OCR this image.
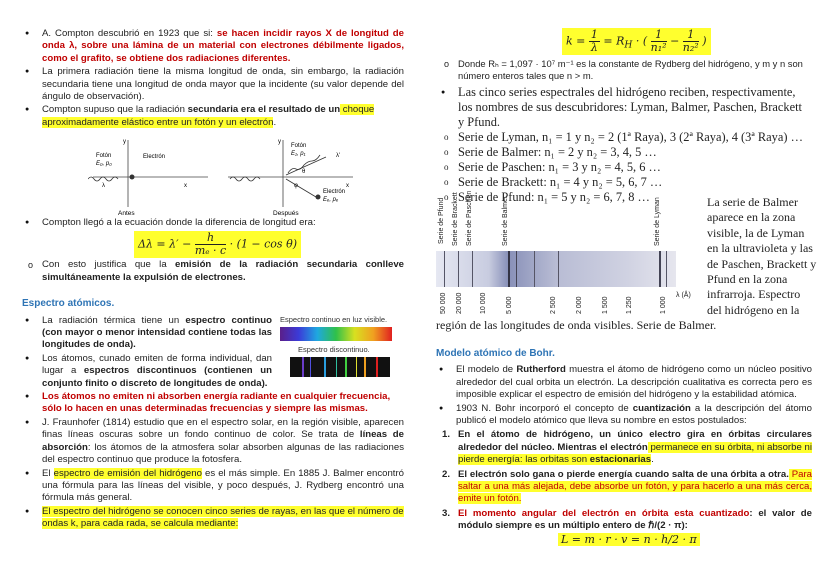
● A. Compton descubrió en 1923 que si: se hacen incidir rayos X de longitud de onda λ, sobre una lámina de un material con electrones débilmente ligados, como el grafito, se obtiene dos radiaciones diferentes.
● La primera radiación tiene la misma longitud de onda, sin embargo, la radiación secundaria tiene una longitud de onda mayor que la incidente (su valor depende del ángulo de observación).
● Compton supuso que la radiación secundaria era el resultado de un choque aproximadamente elástico entre un fotón y un electrón.
Fotón
E₀, p₀
Electrón
λ
y
x
Antes
Fotón
E₁, p₁	λ'
θ
φ
Electrón
Eₑ, pₑ
y
x
Después
● Compton llegó a la ecuación donde la diferencia de longitud era:
$\Delta\lambda = \lambda' - \frac{h}{\text{mₑ · c}} \cdot (1 - \cos \theta)$
o Con esto justifica que la emisión de la radiación secundaria conlleve simultáneamente la expulsión de electrones.
Espectro atómicos.
● La radiación térmica tiene un espectro continuo (con mayor o menor intensidad contiene todas las longitudes de onda).
● Los átomos, cunado emiten de forma individual, dan lugar a espectros discontinuos (contienen un conjunto finito o discreto de longitudes de onda).
Espectro continuo en luz visible.
Espectro discontinuo.
● Los átomos no emiten ni absorben energía radiante en cualquier frecuencia, sólo lo hacen en unas determinadas frecuencias y siempre las mismas.
● J. Fraunhofer (1814) estudio que en el espectro solar, en la región visible, aparecen finas líneas oscuras sobre un fondo continuo de color. Se trata de líneas de absorción: los átomos de la atmosfera solar absorben algunas de las radiaciones del espectro continuo que produce la fotosfera.
● El espectro de emisión del hidrógeno es el más simple. En 1885 J. Balmer encontró una fórmula para las líneas del visible, y poco después, J. Rydberg encontró una fórmula más general.
● El espectro del hidrógeno se conocen cinco series de rayas, en las que el número de ondas k, para cada rada, se calcula mediante:
$k = \frac{1}{\lambda} = R_H$ · ( $\frac{1}{\text{n₁²}} - \frac{1}{\text{n₂²}}$ )
o Donde Rₕ = 1,097 · 10⁷ m⁻¹ es la constante de Rydberg del hidrógeno, y m y n son número enteros tales que n > m.
● Las cinco series espectrales del hidrógeno reciben, respectivamente, los nombres de sus descubridores: Lyman, Balmer, Paschen, Brackett y Pfund.
o Serie de Lyman, n₁ = 1 y n₂ = 2 (1ª Raya), 3 (2ª Raya), 4 (3ª Raya) …
o Serie de Balmer: n₁ = 2 y n₂ = 3, 4, 5 …
o Serie de Paschen: n₁ = 3 y n₂ = 4, 5, 6 …
o Serie de Brackett: n₁ = 4 y n₂ = 5, 6, 7 …
o Serie de Pfund: n₁ = 5 y n₂ = 6, 7, 8 …
Serie de Pfund Serie de Brackett Serie de Paschen	Serie de Balmer	Serie de Lyman
50 000 20 000 10 000	5 000	2 500	2 000	1 500 1 250	1 000
λ (Å)
La serie de Balmer aparece en la zona visible, la de Lyman en la ultravioleta y las de Paschen, Brackett y Pfund en la zona infrarroja. Espectro del hidrógeno en la
región de las longitudes de onda visibles. Serie de Balmer.
Modelo atómico de Bohr.
● El modelo de Rutherford muestra el átomo de hidrógeno como un núcleo positivo alrededor del cual orbita un electrón. La descripción cualitativa es correcta pero es imposible explicar el espectro de emisión del hidrógeno y la estabilidad atómica.
● 1903 N. Bohr incorporó el concepto de cuantización a la descripción del átomo publicó el modelo atómico que lleva su nombre en estos postulados:
1. En el átomo de hidrógeno, un único electro gira en órbitas circulares alrededor del núcleo. Mientras el electrón permanece en su órbita, ni absorbe ni pierde energía: las orbitas son estacionarias.
2. El electrón solo gana o pierde energía cuando salta de una órbita a otra. Para saltar a una más alejada, debe absorbe un fotón, y para hacerlo a una más cerca, emite un fotón.
3. El momento angular del electrón en órbita esta cuantizado: el valor de módulo siempre es un múltiplo entero de ℏ/(2 · π):
L = m · r · v = n · h/2 · π
